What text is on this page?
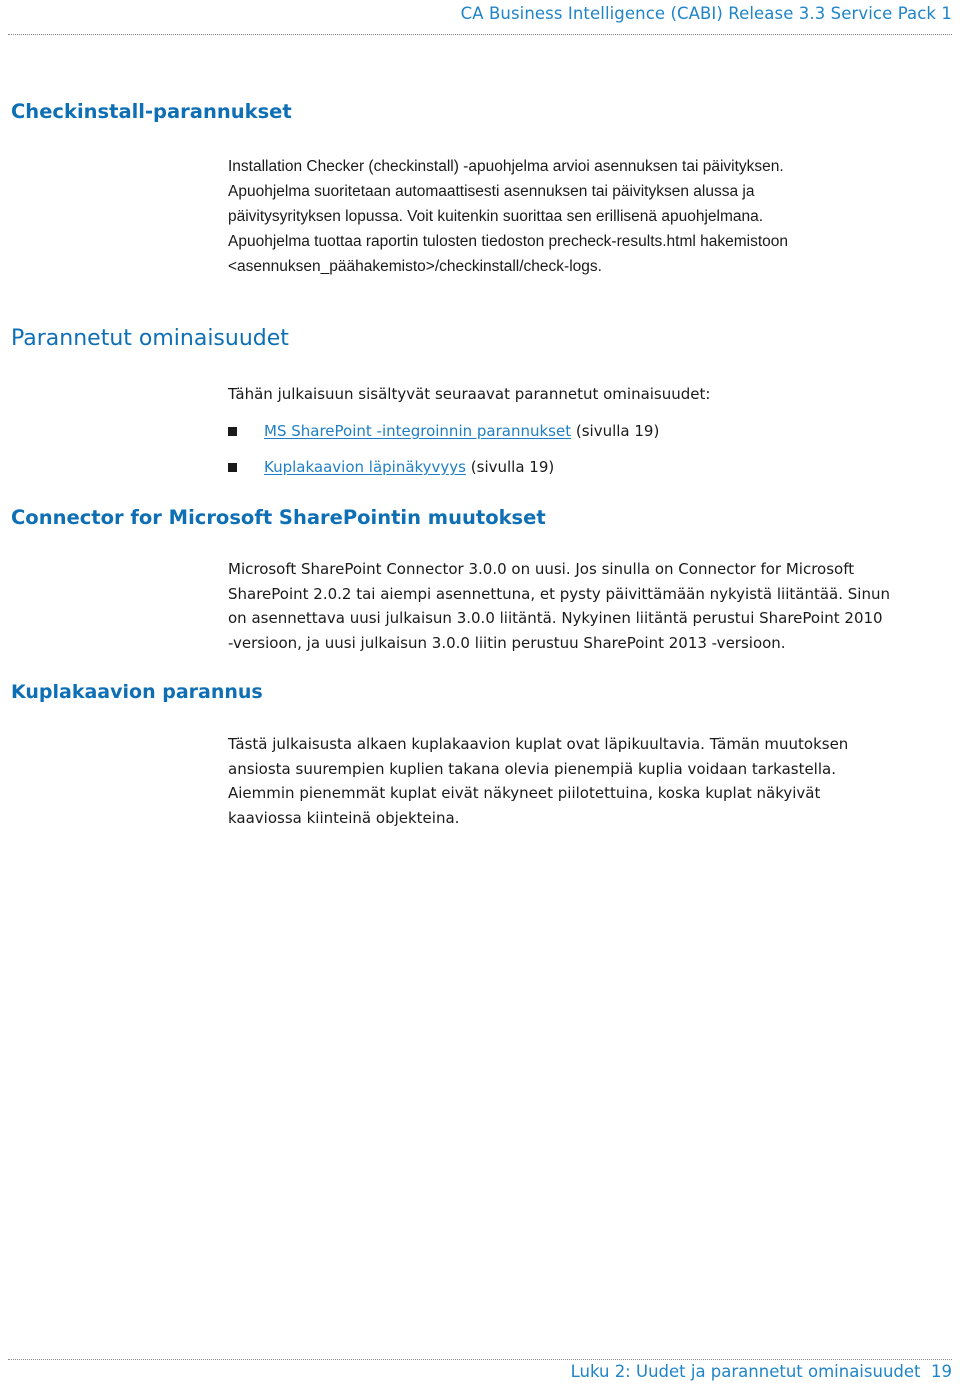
CA Business Intelligence (CABI) Release 3.3 Service Pack 1
Checkinstall-parannukset
Installation Checker (checkinstall) -apuohjelma arvioi asennuksen tai päivityksen.
Apuohjelma suoritetaan automaattisesti asennuksen tai päivityksen alussa ja
päivitysyrityksen lopussa. Voit kuitenkin suorittaa sen erillisenä apuohjelmana.
Apuohjelma tuottaa raportin tulosten tiedoston precheck-results.html hakemistoon
<asennuksen_päähakemisto>/checkinstall/check-logs.
Parannetut ominaisuudet
Tähän julkaisuun sisältyvät seuraavat parannetut ominaisuudet:
MS SharePoint -integroinnin parannukset (sivulla 19)
Kuplakaavion läpinäkyvyys (sivulla 19)
Connector for Microsoft SharePointin muutokset
Microsoft SharePoint Connector 3.0.0 on uusi. Jos sinulla on Connector for Microsoft
SharePoint 2.0.2 tai aiempi asennettuna, et pysty päivittämään nykyistä liitäntää. Sinun
on asennettava uusi julkaisun 3.0.0 liitäntä. Nykyinen liitäntä perustui SharePoint 2010
-versioon, ja uusi julkaisun 3.0.0 liitin perustuu SharePoint 2013 -versioon.
Kuplakaavion parannus
Tästä julkaisusta alkaen kuplakaavion kuplat ovat läpikuultavia. Tämän muutoksen
ansiosta suurempien kuplien takana olevia pienempiä kuplia voidaan tarkastella.
Aiemmin pienemmät kuplat eivät näkyneet piilotettuina, koska kuplat näkyivät
kaaviossa kiinteinä objekteina.
Luku 2: Uudet ja parannetut ominaisuudet  19
